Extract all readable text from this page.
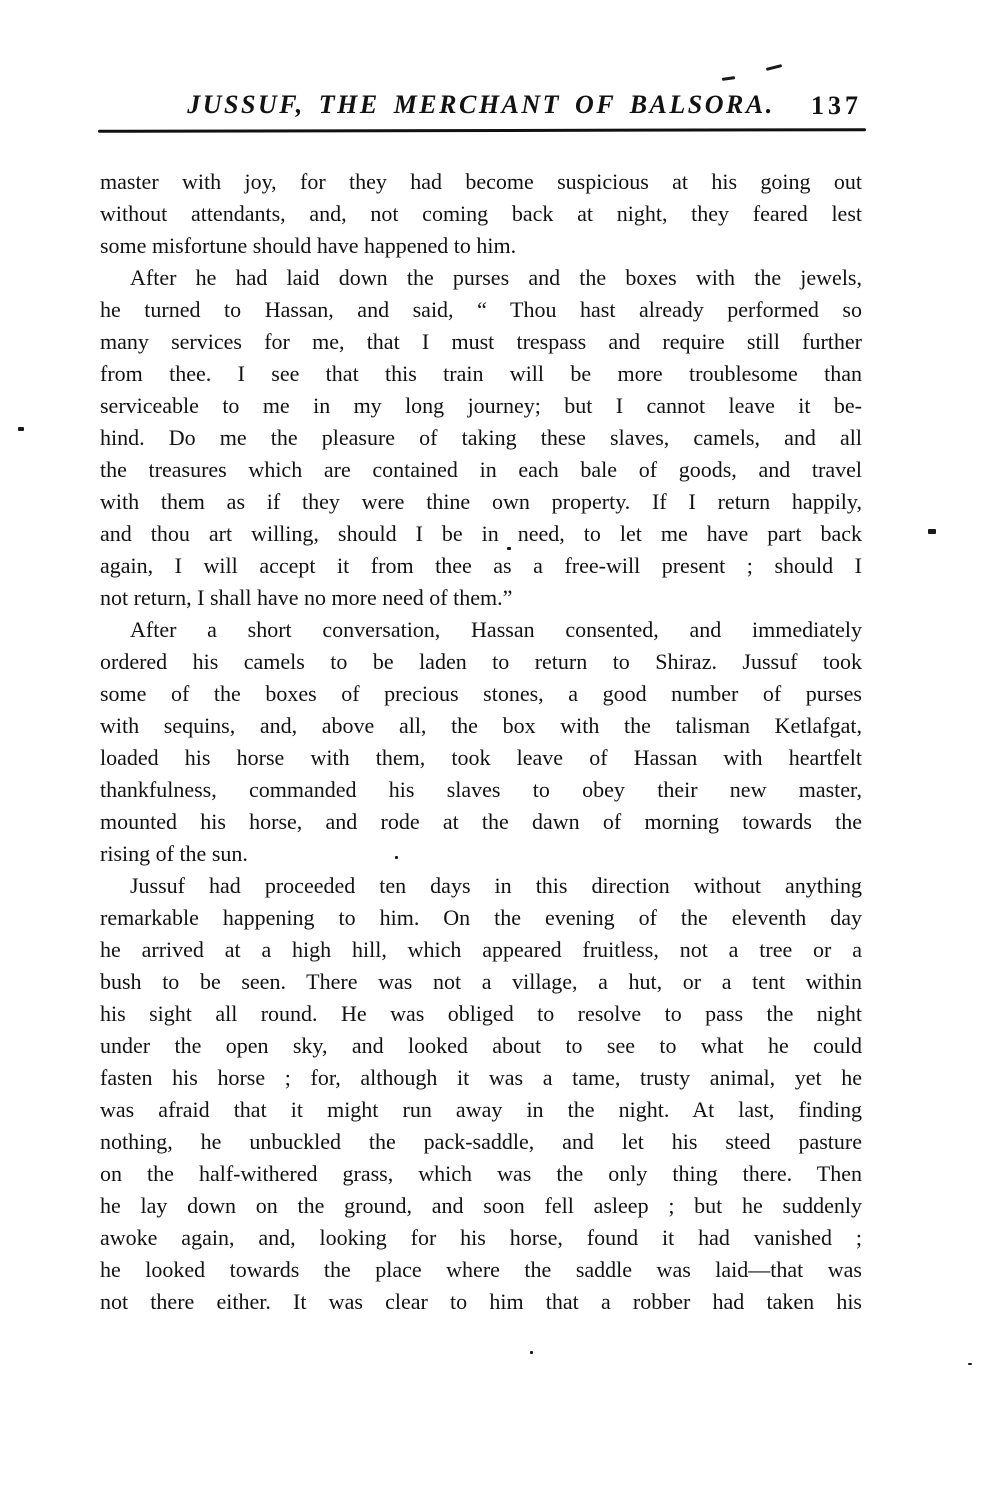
JUSSUF, THE MERCHANT OF BALSORA. 137
master with joy, for they had become suspicious at his going out
without attendants, and, not coming back at night, they feared lest
some misfortune should have happened to him.
After he had laid down the purses and the boxes with the jewels,
he turned to Hassan, and said, “ Thou hast already performed so
many services for me, that I must trespass and require still further
from thee. I see that this train will be more troublesome than
serviceable to me in my long journey; but I cannot leave it be-
hind. Do me the pleasure of taking these slaves, camels, and all
the treasures which are contained in each bale of goods, and travel
with them as if they were thine own property. If I return happily,
and thou art willing, should I be in need, to let me have part back
again, I will accept it from thee as a free-will present ; should I
not return, I shall have no more need of them.”
After a short conversation, Hassan consented, and immediately
ordered his camels to be laden to return to Shiraz. Jussuf took
some of the boxes of precious stones, a good number of purses
with sequins, and, above all, the box with the talisman Ketlafgat,
loaded his horse with them, took leave of Hassan with heartfelt
thankfulness, commanded his slaves to obey their new master,
mounted his horse, and rode at the dawn of morning towards the
rising of the sun.
Jussuf had proceeded ten days in this direction without anything
remarkable happening to him. On the evening of the eleventh day
he arrived at a high hill, which appeared fruitless, not a tree or a
bush to be seen. There was not a village, a hut, or a tent within
his sight all round. He was obliged to resolve to pass the night
under the open sky, and looked about to see to what he could
fasten his horse ; for, although it was a tame, trusty animal, yet he
was afraid that it might run away in the night. At last, finding
nothing, he unbuckled the pack-saddle, and let his steed pasture
on the half-withered grass, which was the only thing there. Then
he lay down on the ground, and soon fell asleep ; but he suddenly
awoke again, and, looking for his horse, found it had vanished ;
he looked towards the place where the saddle was laid—that was
not there either. It was clear to him that a robber had taken his
